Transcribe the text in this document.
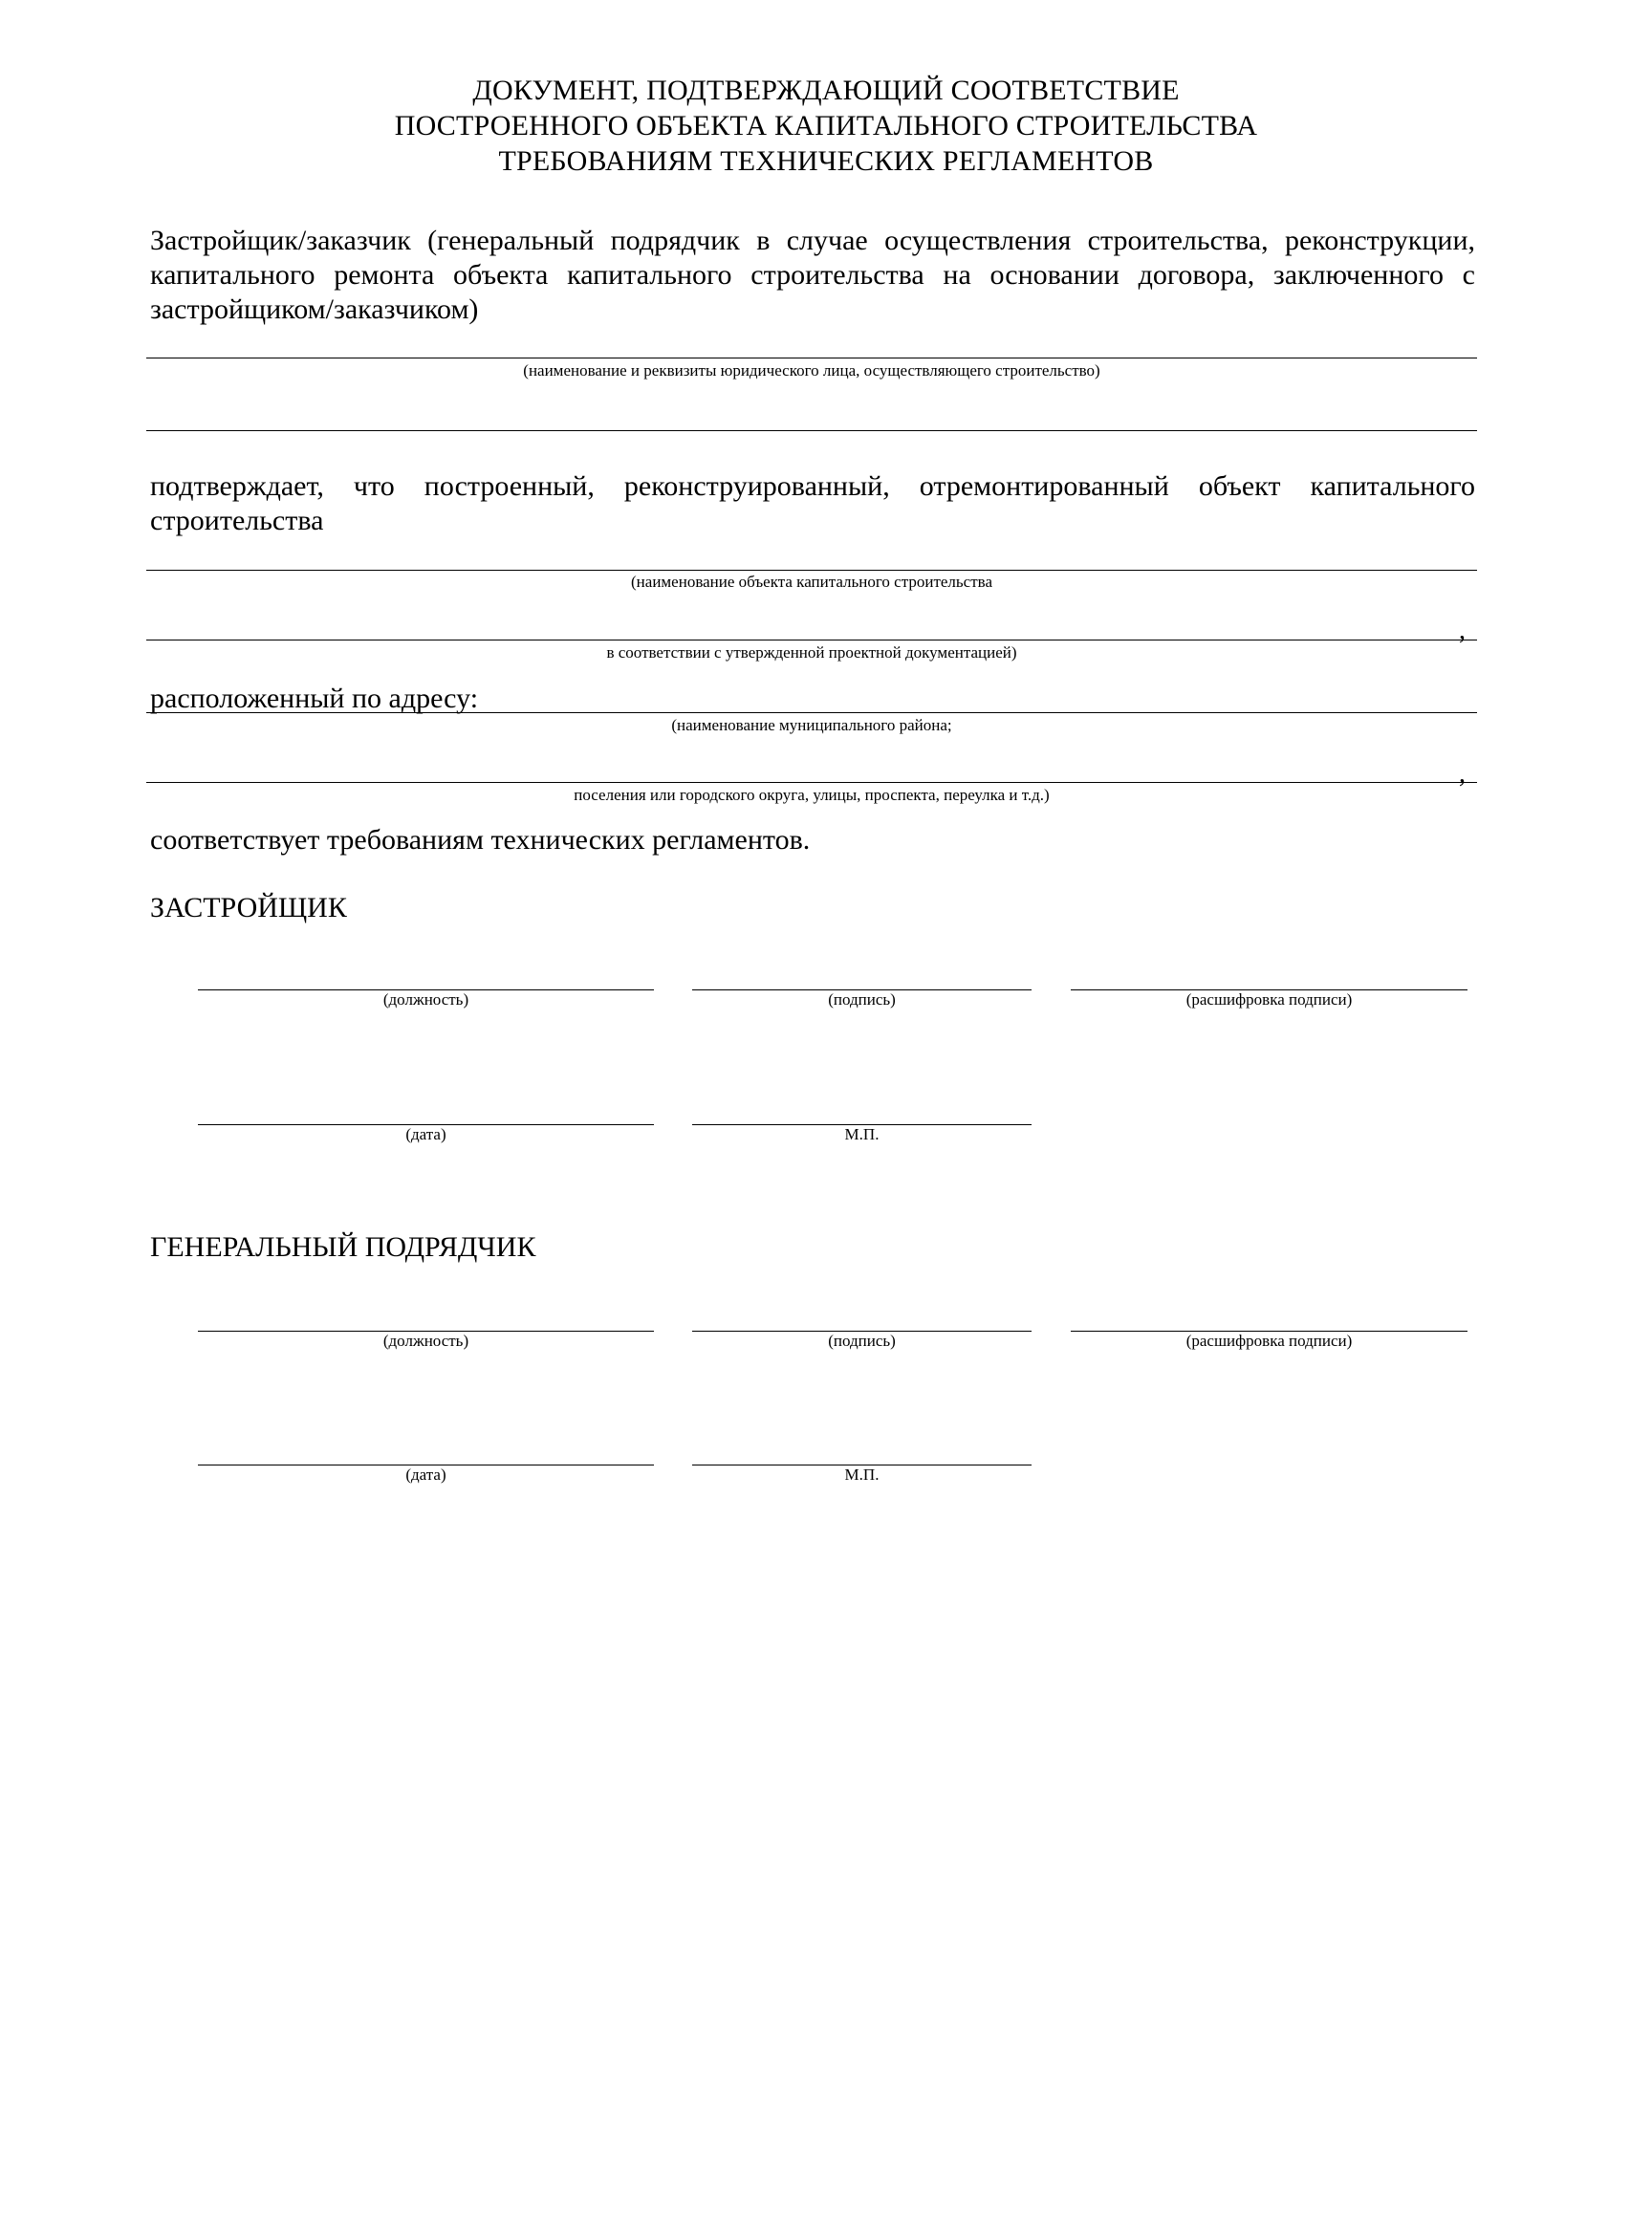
ДОКУМЕНТ, ПОДТВЕРЖДАЮЩИЙ СООТВЕТСТВИЕ
ПОСТРОЕННОГО ОБЪЕКТА КАПИТАЛЬНОГО СТРОИТЕЛЬСТВА
ТРЕБОВАНИЯМ ТЕХНИЧЕСКИХ РЕГЛАМЕНТОВ
Застройщик/заказчик (генеральный подрядчик в случае осуществления строительства, реконструкции, капитального ремонта объекта капитального строительства на основании договора, заключенного с застройщиком/заказчиком)
(наименование и реквизиты юридического лица, осуществляющего строительство)
подтверждает, что построенный, реконструированный, отремонтированный объект капитального строительства
(наименование объекта капитального строительства
,
в соответствии с утвержденной проектной документацией)
расположенный по адресу:
(наименование муниципального района;
,
поселения или городского округа, улицы, проспекта, переулка и т.д.)
соответствует требованиям технических регламентов.
ЗАСТРОЙЩИК
(должность)	(подпись)	(расшифровка подписи)
(дата)	М.П.
ГЕНЕРАЛЬНЫЙ ПОДРЯДЧИК
(должность)	(подпись)	(расшифровка подписи)
(дата)	М.П.
